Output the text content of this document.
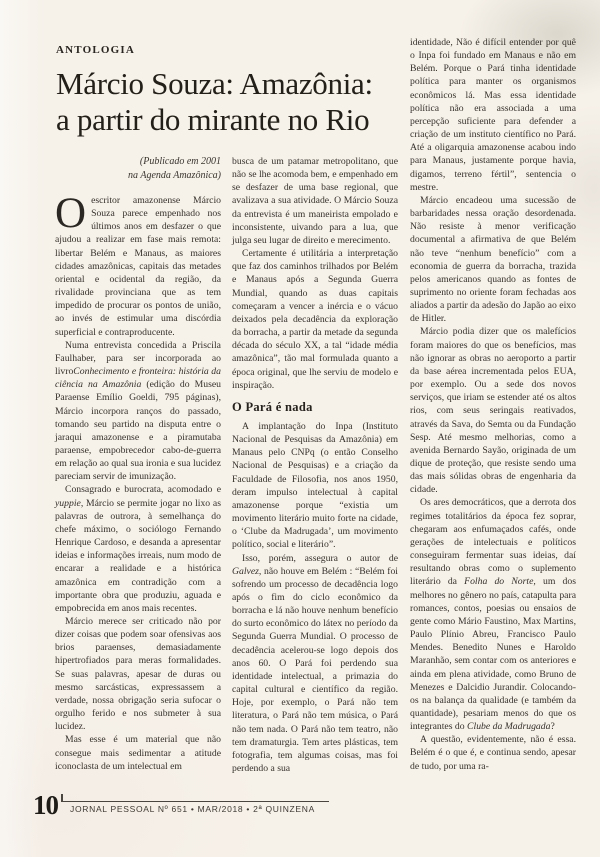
ANTOLOGIA
Márcio Souza: Amazônia:
a partir do mirante no Rio
(Publicado em 2001
na Agenda Amazônica)

Oescritor amazonense Márcio Souza parece empenhado nos últimos anos em desfazer o que ajudou a realizar em fase mais remota: libertar Belém e Manaus, as maiores cidades amazônicas, capitais das metades oriental e ocidental da região, da rivalidade provinciana que as tem impedido de procurar os pontos de união, ao invés de estimular uma discórdia superficial e contraproducente.

Numa entrevista concedida a Priscila Faulhaber, para ser incorporada ao livroConhecimento e fronteira: história da ciência na Amazônia (edição do Museu Paraense Emílio Goeldi, 795 páginas), Márcio incorpora ranços do passado, tomando seu partido na disputa entre o jaraqui amazonense e a piramutaba paraense, empobrecedor cabo-de-guerra em relação ao qual sua ironia e sua lucidez pareciam servir de imunização.

Consagrado e burocrata, acomodado e yuppie, Márcio se permite jogar no lixo as palavras de outrora, à semelhança do chefe máximo, o sociólogo Fernando Henrique Cardoso, e desanda a apresentar ideias e informações irreais, num modo de encarar a realidade e a histórica amazônica em contradição com a importante obra que produziu, aguada e empobrecida em anos mais recentes.

Márcio merece ser criticado não por dizer coisas que podem soar ofensivas aos brios paraenses, demasiadamente hipertrofiados para meras formalidades. Se suas palavras, apesar de duras ou mesmo sarcásticas, expressassem a verdade, nossa obrigação seria sufocar o orgulho ferido e nos submeter à sua lucidez.

Mas esse é um material que não consegue mais sedimentar a atitude iconoclasta de um intelectual em

busca de um patamar metropolitano, que não se lhe acomoda bem, e empenhado em se desfazer de uma base regional, que avalizava a sua atividade. O Márcio Souza da entrevista é um maneirista empolado e inconsistente, uivando para a lua, que julga seu lugar de direito e merecimento.

Certamente é utilitária a interpretação que faz dos caminhos trilhados por Belém e Manaus após a Segunda Guerra Mundial, quando as duas capitais começaram a vencer a inércia e o vácuo deixados pela decadência da exploração da borracha, a partir da metade da segunda década do século XX, a tal “idade média amazônica”, tão mal formulada quanto a época original, que lhe serviu de modelo e inspiração.

O Pará é nada

A implantação do Inpa (Instituto Nacional de Pesquisas da Amazônia) em Manaus pelo CNPq (o então Conselho Nacional de Pesquisas) e a criação da Faculdade de Filosofia, nos anos 1950, deram impulso intelectual à capital amazonense porque “existia um movimento literário muito forte na cidade, o ‘Clube da Madrugada’, um movimento político, social e literário”.

Isso, porém, assegura o autor de Galvez, não houve em Belém : “Belém foi sofrendo um processo de decadência logo após o fim do ciclo econômico da borracha e lá não houve nenhum benefício do surto econômico do látex no período da Segunda Guerra Mundial. O processo de decadência acelerou-se logo depois dos anos 60. O Pará foi perdendo sua identidade intelectual, a primazia do capital cultural e científico da região. Hoje, por exemplo, o Pará não tem literatura, o Pará não tem música, o Pará não tem nada. O Pará não tem teatro, não tem dramaturgia. Tem artes plásticas, tem fotografia, tem algumas coisas, mas foi perdendo a sua

identidade, Não é difícil entender por quê o Inpa foi fundado em Manaus e não em Belém. Porque o Pará tinha identidade política para manter os organismos econômicos lá. Mas essa identidade política não era associada a uma percepção suficiente para defender a criação de um instituto científico no Pará. Até a oligarquia amazonense acabou indo para Manaus, justamente porque havia, digamos, terreno fértil”, sentencia o mestre.

Márcio encadeou uma sucessão de barbaridades nessa oração desordenada. Não resiste à menor verificação documental a afirmativa de que Belém não teve “nenhum benefício” com a economia de guerra da borracha, trazida pelos americanos quando as fontes de suprimento no oriente foram fechadas aos aliados a partir da adesão do Japão ao eixo de Hitler.

Márcio podia dizer que os malefícios foram maiores do que os benefícios, mas não ignorar as obras no aeroporto a partir da base aérea incrementada pelos EUA, por exemplo. Ou a sede dos novos serviços, que iriam se estender até os altos rios, com seus seringais reativados, através da Sava, do Semta ou da Fundação Sesp. Até mesmo melhorias, como a avenida Bernardo Sayão, originada de um dique de proteção, que resiste sendo uma das mais sólidas obras de engenharia da cidade.

Os ares democráticos, que a derrota dos regimes totalitários da época fez soprar, chegaram aos enfumaçados cafés, onde gerações de intelectuais e políticos conseguiram fermentar suas ideias, daí resultando obras como o suplemento literário da Folha do Norte, um dos melhores no gênero no país, catapulta para romances, contos, poesias ou ensaios de gente como Mário Faustino, Max Martins, Paulo Plínio Abreu, Francisco Paulo Mendes. Benedito Nunes e Haroldo Maranhão, sem contar com os anteriores e ainda em plena atividade, como Bruno de Menezes e Dalcidio Jurandir. Colocando-os na balança da qualidade (e também da quantidade), pesariam menos do que os integrantes do Clube da Madrugada?

A questão, evidentemente, não é essa. Belém é o que é, e continua sendo, apesar de tudo, por uma ra-

10 JORNAL PESSOAL Nº 651 • MAR/2018 • 2ª QUINZENA
